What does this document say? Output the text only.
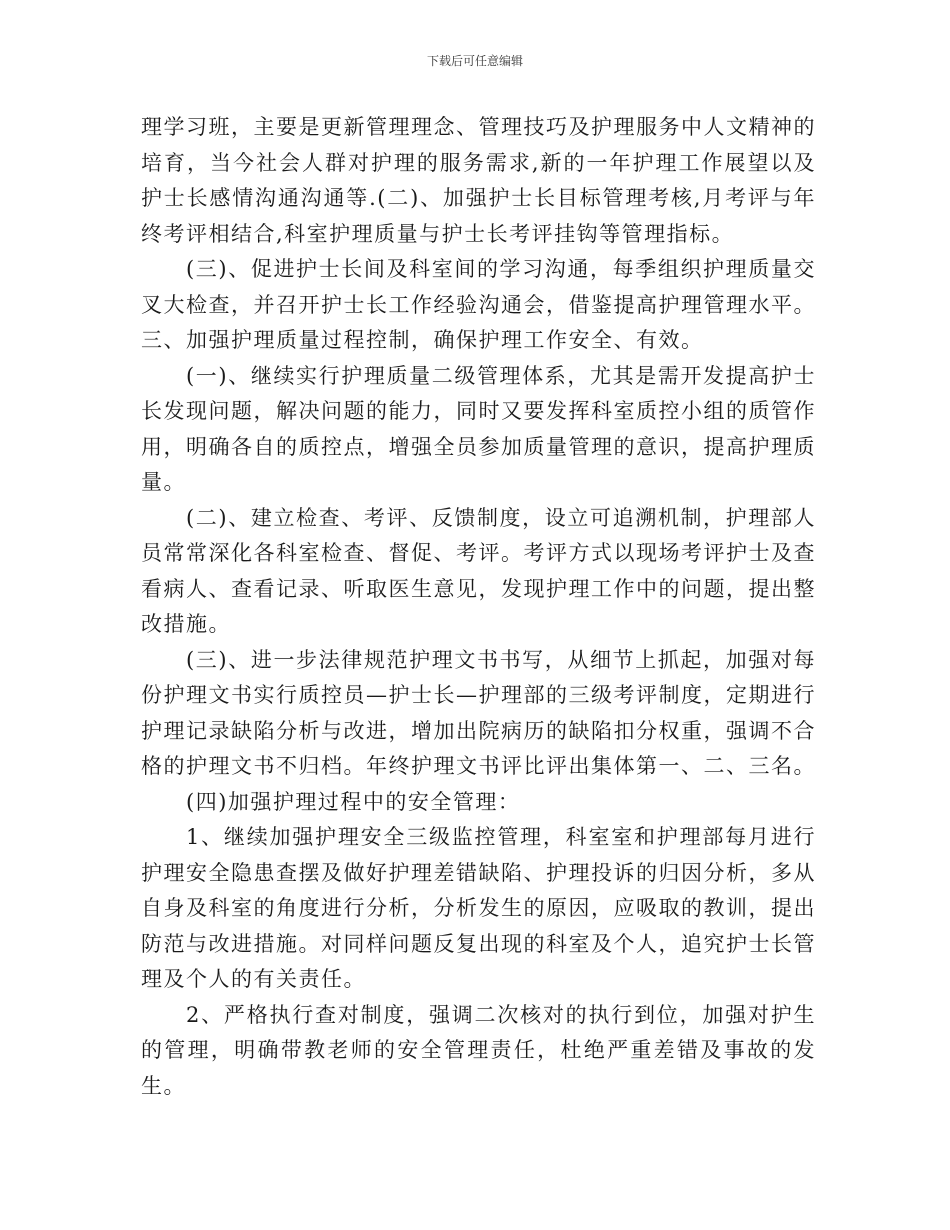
下载后可任意编辑

理学习班，主要是更新管理理念、管理技巧及护理服务中人文精神的培育，当今社会人群对护理的服务需求,新的一年护理工作展望以及护士长感情沟通沟通等.(二)、加强护士长目标管理考核,月考评与年终考评相结合,科室护理质量与护士长考评挂钩等管理指标。

(三)、促进护士长间及科室间的学习沟通，每季组织护理质量交叉大检查，并召开护士长工作经验沟通会，借鉴提高护理管理水平。

三、加强护理质量过程控制，确保护理工作安全、有效。

(一)、继续实行护理质量二级管理体系，尤其是需开发提高护士长发现问题，解决问题的能力，同时又要发挥科室质控小组的质管作用，明确各自的质控点，增强全员参加质量管理的意识，提高护理质量。

(二)、建立检查、考评、反馈制度，设立可追溯机制，护理部人员常常深化各科室检查、督促、考评。考评方式以现场考评护士及查看病人、查看记录、听取医生意见，发现护理工作中的问题，提出整改措施。

(三)、进一步法律规范护理文书书写，从细节上抓起，加强对每份护理文书实行质控员—护士长—护理部的三级考评制度，定期进行护理记录缺陷分析与改进，增加出院病历的缺陷扣分权重，强调不合格的护理文书不归档。年终护理文书评比评出集体第一、二、三名。

(四)加强护理过程中的安全管理：

1、继续加强护理安全三级监控管理，科室室和护理部每月进行护理安全隐患查摆及做好护理差错缺陷、护理投诉的归因分析，多从自身及科室的角度进行分析，分析发生的原因，应吸取的教训，提出防范与改进措施。对同样问题反复出现的科室及个人，追究护士长管理及个人的有关责任。

2、严格执行查对制度，强调二次核对的执行到位，加强对护生的管理，明确带教老师的安全管理责任，杜绝严重差错及事故的发生。
